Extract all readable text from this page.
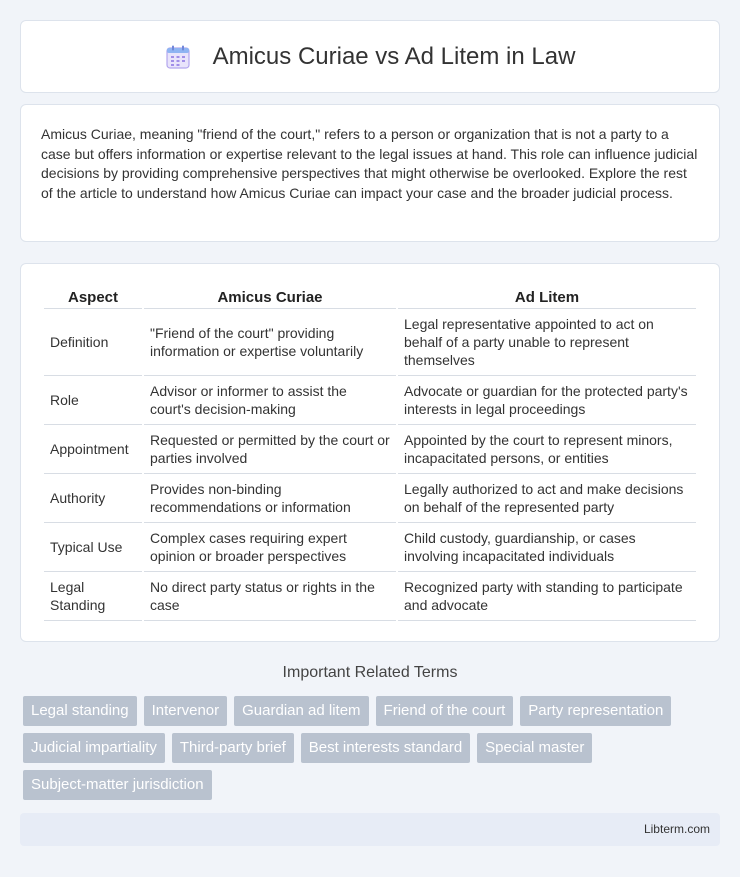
Amicus Curiae vs Ad Litem in Law

Amicus Curiae, meaning "friend of the court," refers to a person or organization that is not a party to a case but offers information or expertise relevant to the legal issues at hand. This role can influence judicial decisions by providing comprehensive perspectives that might otherwise be overlooked. Explore the rest of the article to understand how Amicus Curiae can impact your case and the broader judicial process.

Aspect	Amicus Curiae	Ad Litem
Definition	"Friend of the court" providing information or expertise voluntarily	Legal representative appointed to act on behalf of a party unable to represent themselves
Role	Advisor or informer to assist the court's decision-making	Advocate or guardian for the protected party's interests in legal proceedings
Appointment	Requested or permitted by the court or parties involved	Appointed by the court to represent minors, incapacitated persons, or entities
Authority	Provides non-binding recommendations or information	Legally authorized to act and make decisions on behalf of the represented party
Typical Use	Complex cases requiring expert opinion or broader perspectives	Child custody, guardianship, or cases involving incapacitated individuals
Legal Standing	No direct party status or rights in the case	Recognized party with standing to participate and advocate
Important Related Terms
Legal standing	Intervenor	Guardian ad litem	Friend of the court	Party representation
Judicial impartiality	Third-party brief	Best interests standard	Special master
Subject-matter jurisdiction
Libterm.com
